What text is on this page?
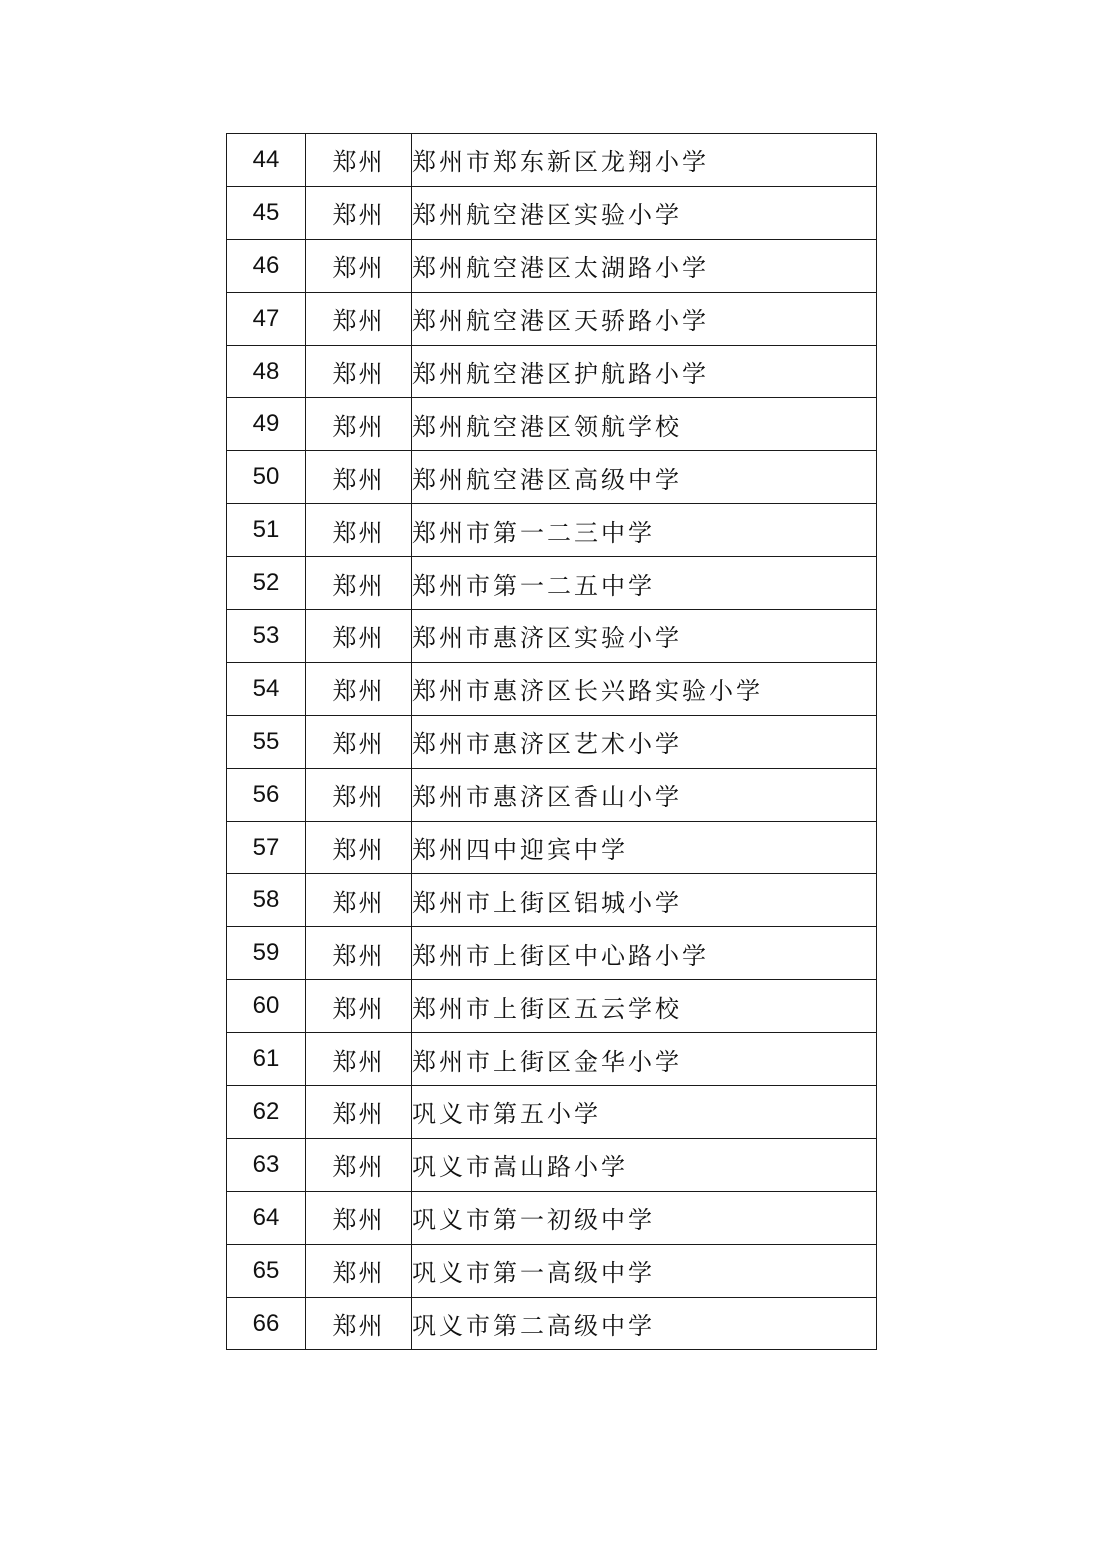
44	郑州	郑州市郑东新区龙翔小学
45	郑州	郑州航空港区实验小学
46	郑州	郑州航空港区太湖路小学
47	郑州	郑州航空港区天骄路小学
48	郑州	郑州航空港区护航路小学
49	郑州	郑州航空港区领航学校
50	郑州	郑州航空港区高级中学
51	郑州	郑州市第一二三中学
52	郑州	郑州市第一二五中学
53	郑州	郑州市惠济区实验小学
54	郑州	郑州市惠济区长兴路实验小学
55	郑州	郑州市惠济区艺术小学
56	郑州	郑州市惠济区香山小学
57	郑州	郑州四中迎宾中学
58	郑州	郑州市上街区铝城小学
59	郑州	郑州市上街区中心路小学
60	郑州	郑州市上街区五云学校
61	郑州	郑州市上街区金华小学
62	郑州	巩义市第五小学
63	郑州	巩义市嵩山路小学
64	郑州	巩义市第一初级中学
65	郑州	巩义市第一高级中学
66	郑州	巩义市第二高级中学
